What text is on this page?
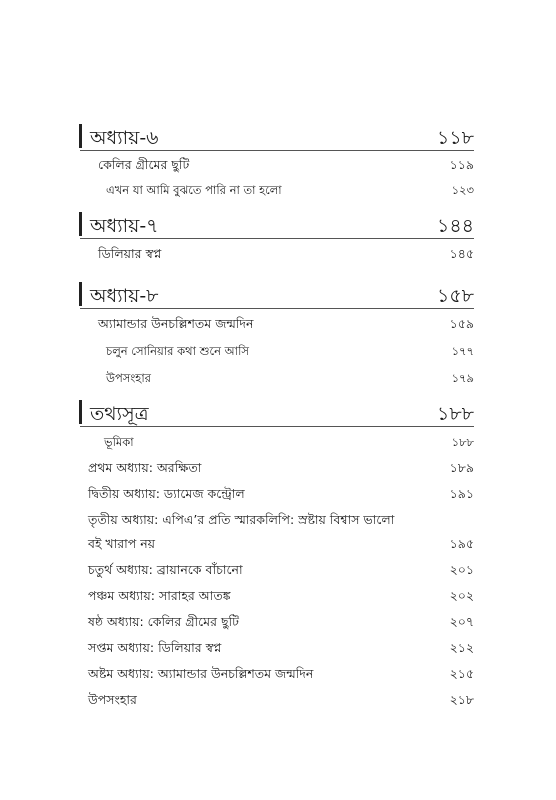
অধ্যায়-৬	১১৮
কেলির গ্রীমের ছুটি	১১৯
এখন যা আমি বুঝতে পারি না তা হলো	১২৩
অধ্যায়-৭	১৪৪
ডিলিয়ার স্বপ্ন	১৪৫
অধ্যায়-৮	১৫৮
অ্যামান্ডার উনচল্লিশতম জন্মদিন	১৫৯
চলুন সোনিয়ার কথা শুনে আসি	১৭৭
উপসংহার	১৭৯
তথ্যসূত্র	১৮৮
ভূমিকা	১৮৮
প্রথম অধ্যায়: অরক্ষিতা	১৮৯
দ্বিতীয় অধ্যায়: ড্যামেজ কন্ট্রোল	১৯১
তৃতীয় অধ্যায়: এপিএ’র প্রতি স্মারকলিপি: স্রষ্টায় বিশ্বাস ভালো
বই খারাপ নয়	১৯৫
চতুর্থ অধ্যায়: ব্রায়ানকে বাঁচানো	২০১
পঞ্চম অধ্যায়: সারাহর আতঙ্ক	২০২
ষষ্ঠ অধ্যায়: কেলির গ্রীমের ছুটি	২০৭
সপ্তম অধ্যায়: ডিলিয়ার স্বপ্ন	২১২
অষ্টম অধ্যায়: অ্যামান্ডার উনচল্লিশতম জন্মদিন	২১৫
উপসংহার	২১৮
